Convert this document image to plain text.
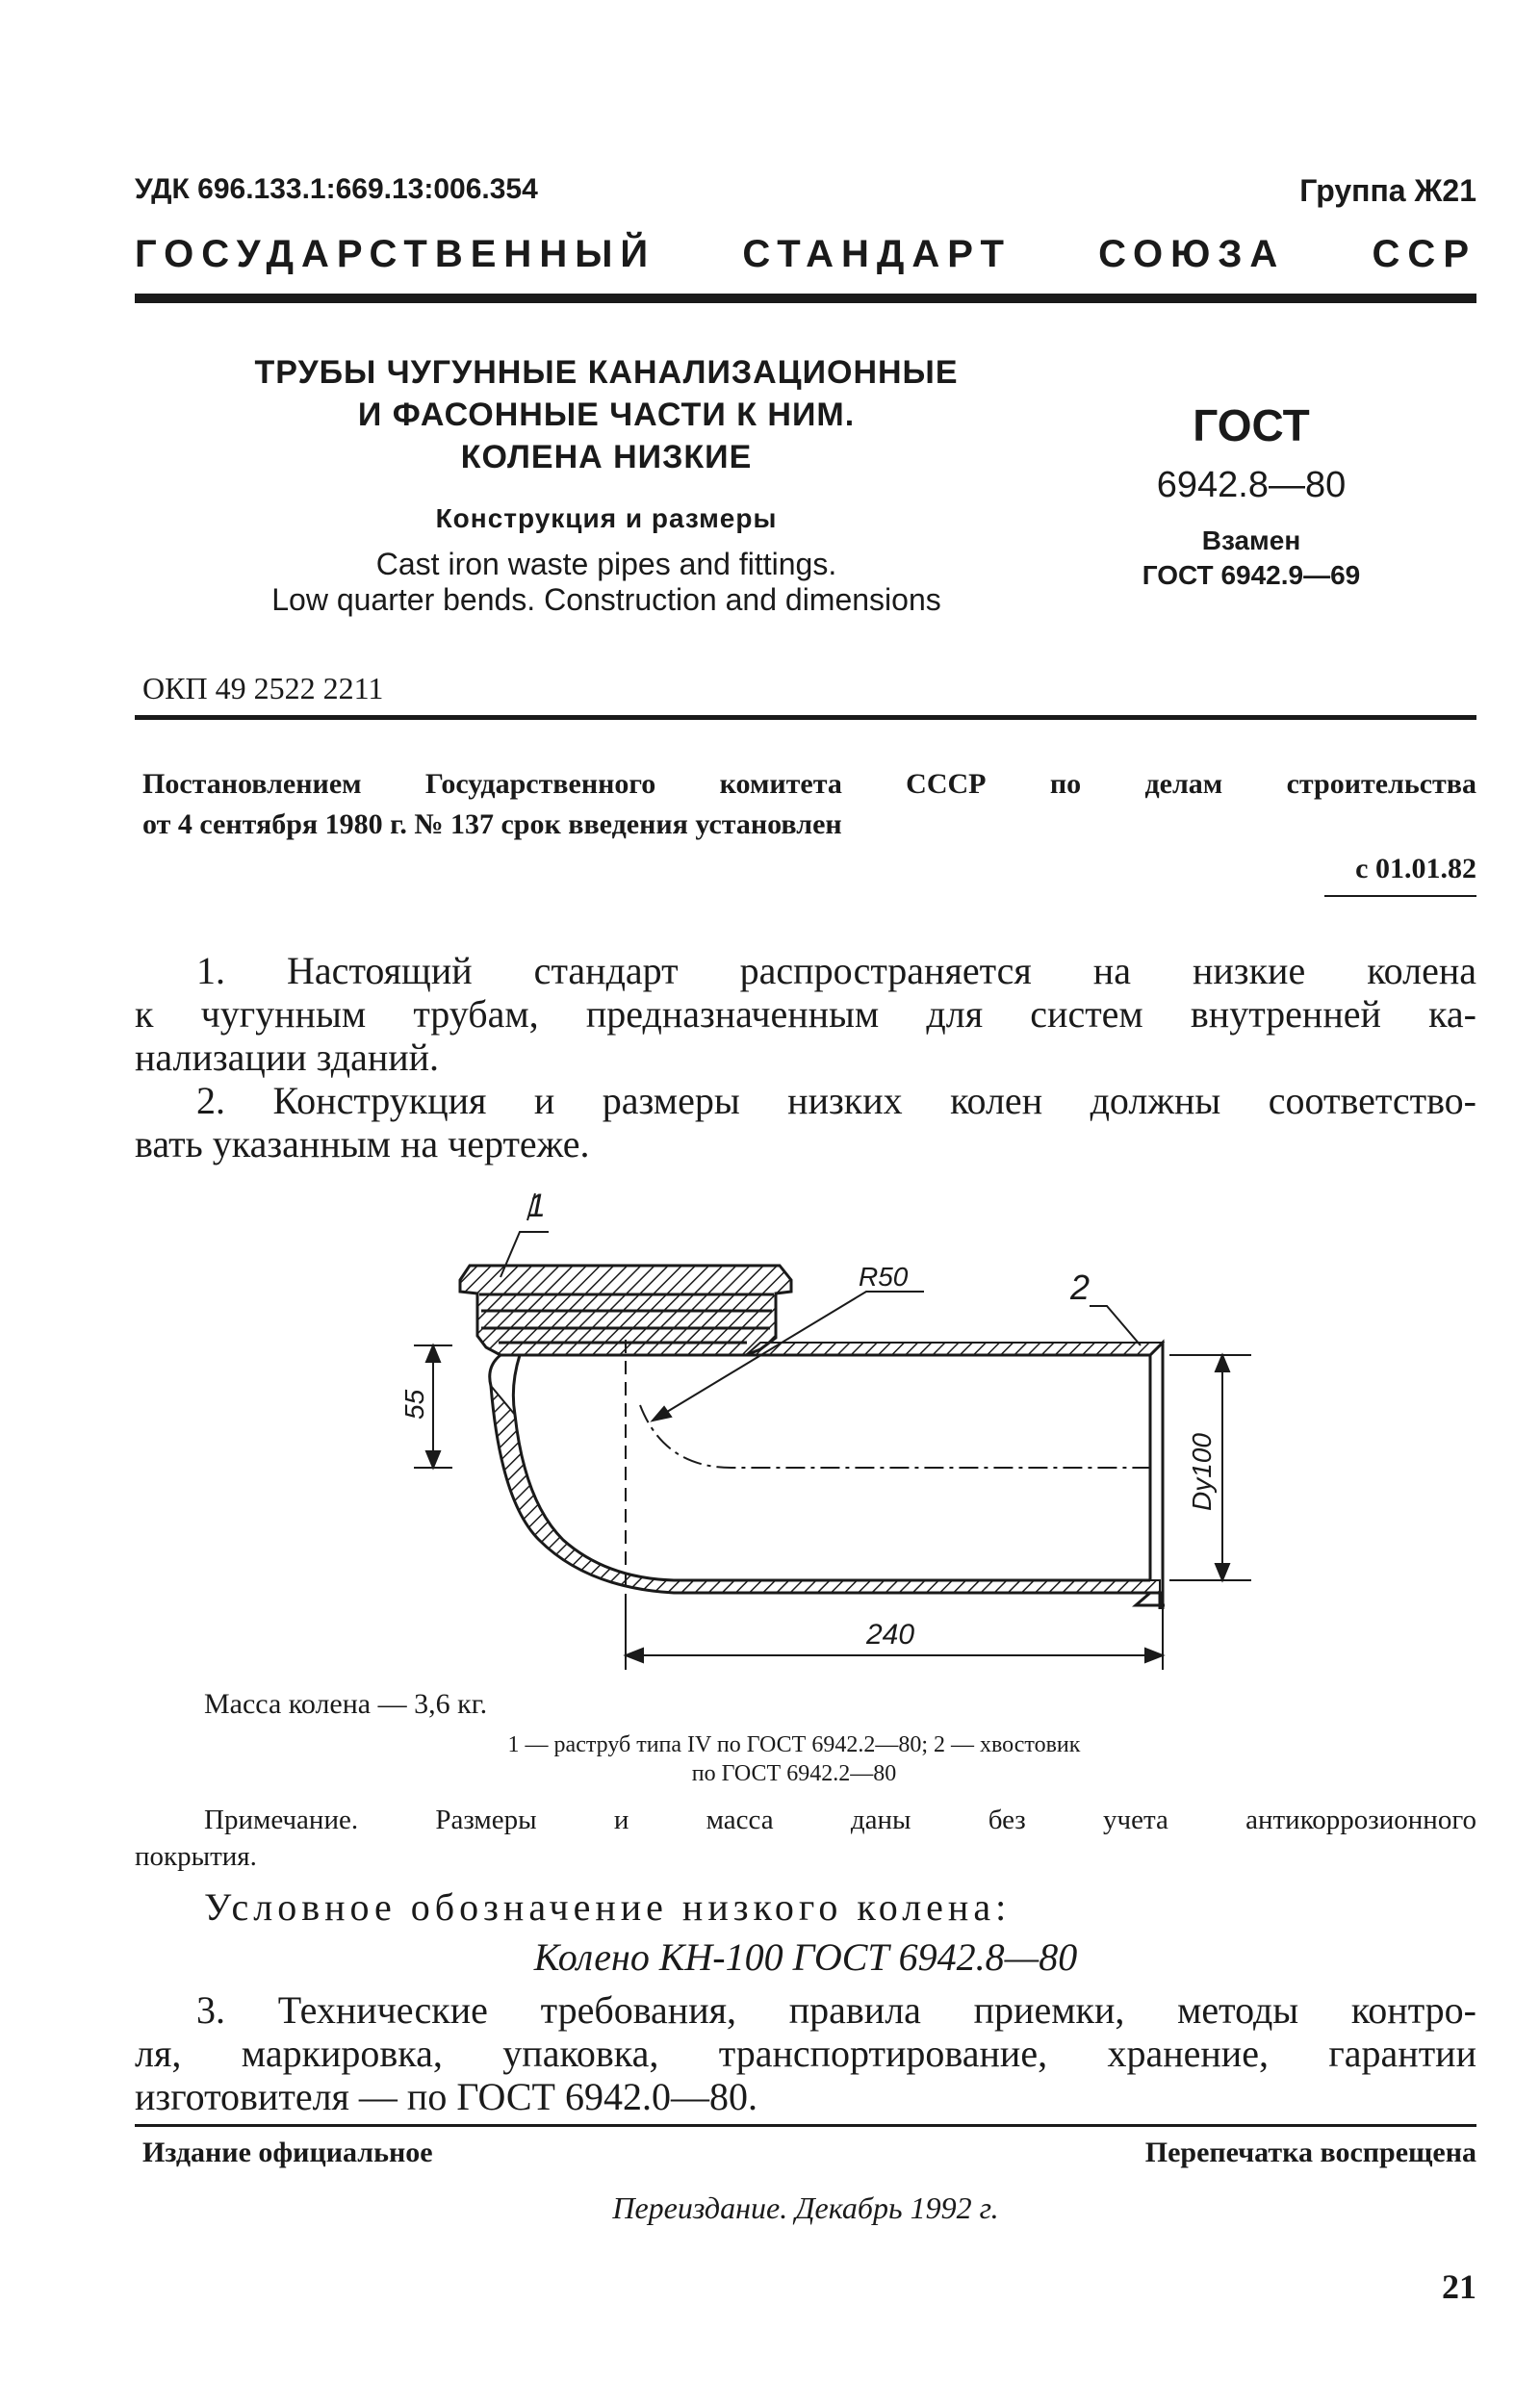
УДК 696.133.1:669.13:006.354	Группа Ж21
ГОСУДАРСТВЕННЫЙ СТАНДАРТ СОЮЗА ССР
ТРУБЫ ЧУГУННЫЕ КАНАЛИЗАЦИОННЫЕ
И ФАСОННЫЕ ЧАСТИ К НИМ.
КОЛЕНА НИЗКИЕ
Конструкция и размеры
Cast iron waste pipes and fittings.
Low quarter bends. Construction and dimensions
ГОСТ
6942.8—80
Взамен
ГОСТ 6942.9—69
ОКП 49 2522 2211
Постановлением Государственного комитета СССР по делам строительства
от 4 сентября 1980 г. № 137 срок введения установлен
с 01.01.82

1. Настоящий стандарт распространяется на низкие колена

к чугунным трубам, предназначенным для систем внутренней ка-

нализации зданий.

2. Конструкция и размеры низких колен должны соответство-

вать указанным на чертеже.

1
2
R50
55
240
Dу100
Масса колена — 3,6 кг.
1 — раструб типа IV по ГОСТ 6942.2—80; 2 — хвостовик
по ГОСТ 6942.2—80
Примечание. Размеры и масса даны без учета антикоррозионного
покрытия.
Условное обозначение низкого колена:
Колено КН-100 ГОСТ 6942.8—80

3. Технические требования, правила приемки, методы контро-

ля, маркировка, упаковка, транспортирование, хранение, гарантии

изготовителя — по ГОСТ 6942.0—80.

Издание официальное	Перепечатка воспрещена
Переиздание. Декабрь 1992 г.
21
